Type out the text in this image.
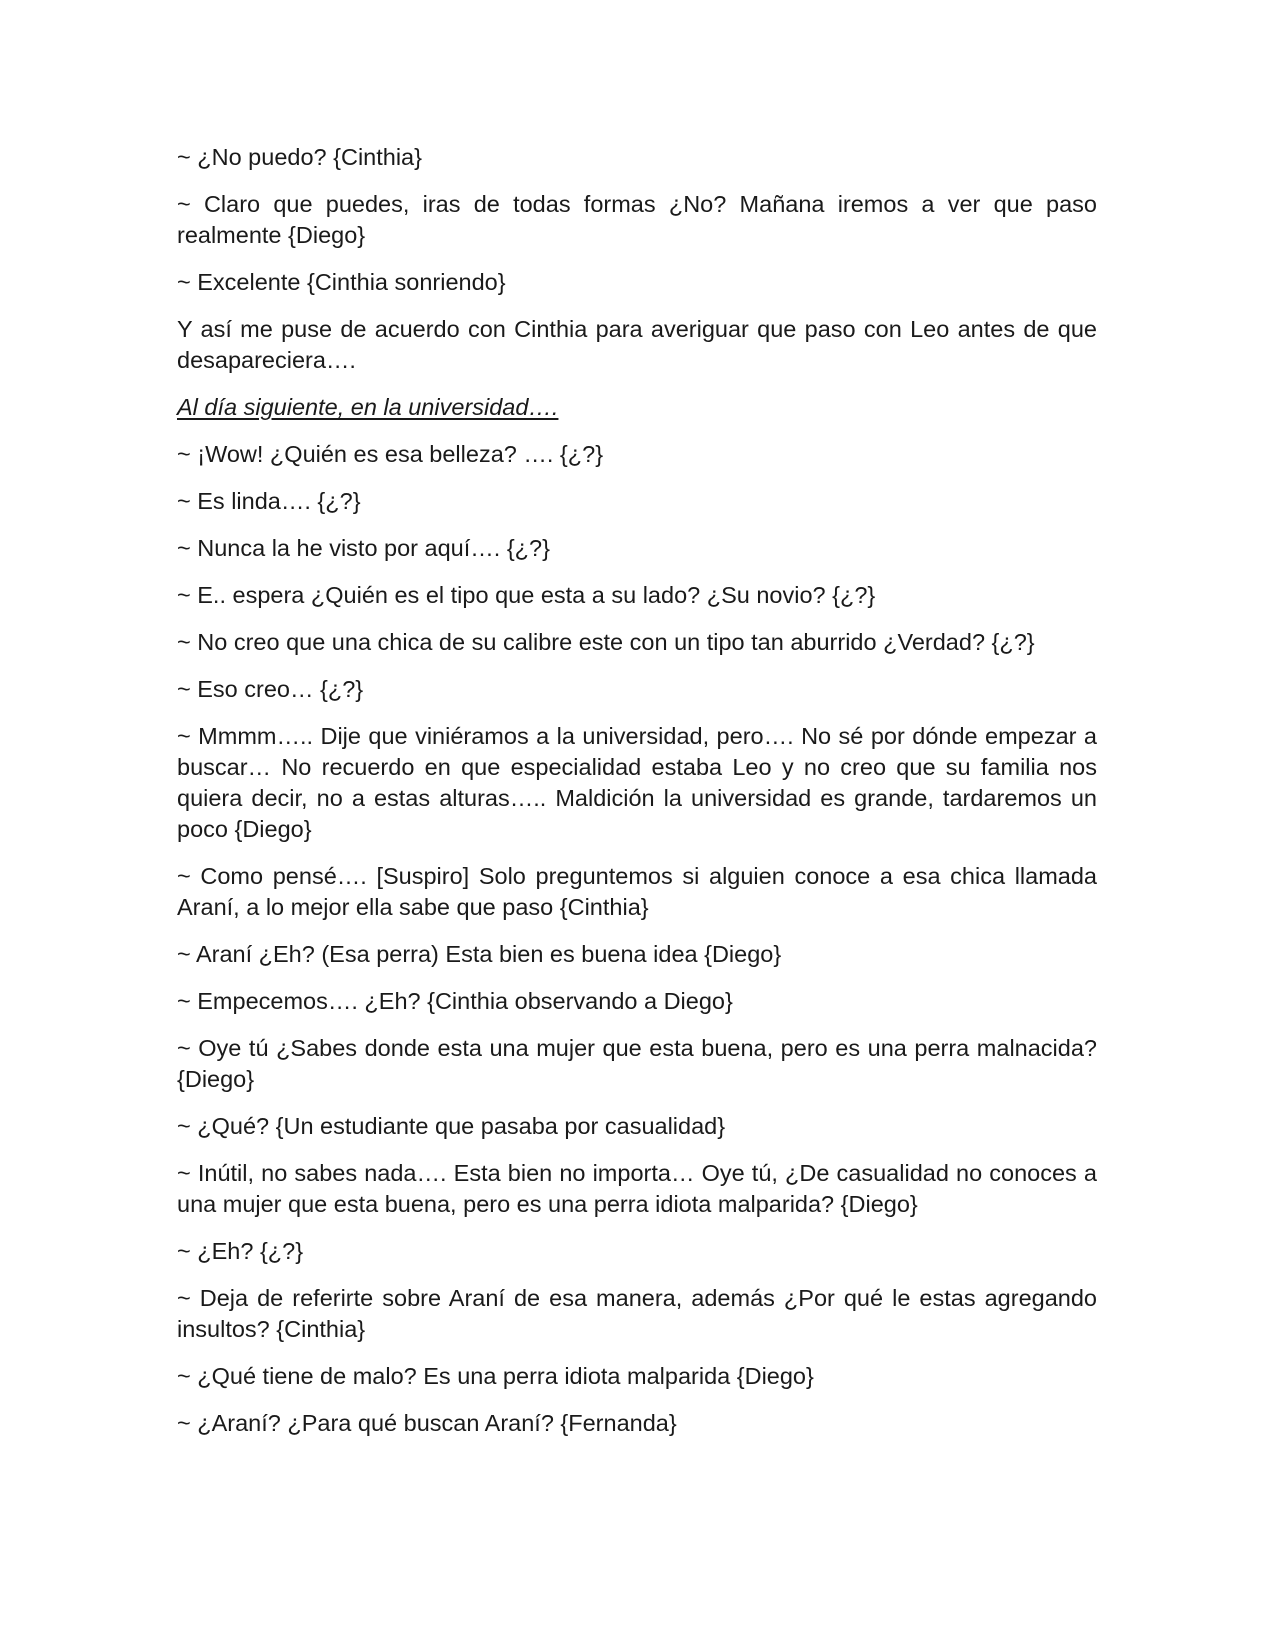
~ ¿No puedo? {Cinthia}

~ Claro que puedes, iras de todas formas ¿No? Mañana iremos a ver que paso realmente {Diego}

~ Excelente {Cinthia sonriendo}

Y así me puse de acuerdo con Cinthia para averiguar que paso con Leo antes de que desapareciera….

Al día siguiente, en la universidad….

~ ¡Wow! ¿Quién es esa belleza? …. {¿?}

~ Es linda…. {¿?}

~ Nunca la he visto por aquí…. {¿?}

~ E.. espera ¿Quién es el tipo que esta a su lado? ¿Su novio? {¿?}

~ No creo que una chica de su calibre este con un tipo tan aburrido ¿Verdad? {¿?}

~ Eso creo… {¿?}

~ Mmmm….. Dije que viniéramos a la universidad, pero…. No sé por dónde empezar a buscar… No recuerdo en que especialidad estaba Leo y no creo que su familia nos quiera decir, no a estas alturas….. Maldición la universidad es grande, tardaremos un poco {Diego}

~ Como pensé…. [Suspiro] Solo preguntemos si alguien conoce a esa chica llamada Araní, a lo mejor ella sabe que paso {Cinthia}

~ Araní ¿Eh? (Esa perra) Esta bien es buena idea {Diego}

~ Empecemos…. ¿Eh? {Cinthia observando a Diego}

~ Oye tú ¿Sabes donde esta una mujer que esta buena, pero es una perra malnacida? {Diego}

~ ¿Qué? {Un estudiante que pasaba por casualidad}

~ Inútil, no sabes nada…. Esta bien no importa… Oye tú, ¿De casualidad no conoces a una mujer que esta buena, pero es una perra idiota malparida? {Diego}

~ ¿Eh? {¿?}

~ Deja de referirte sobre Araní de esa manera, además ¿Por qué le estas agregando insultos? {Cinthia}

~ ¿Qué tiene de malo? Es una perra idiota malparida {Diego}

~ ¿Araní? ¿Para qué buscan Araní? {Fernanda}
